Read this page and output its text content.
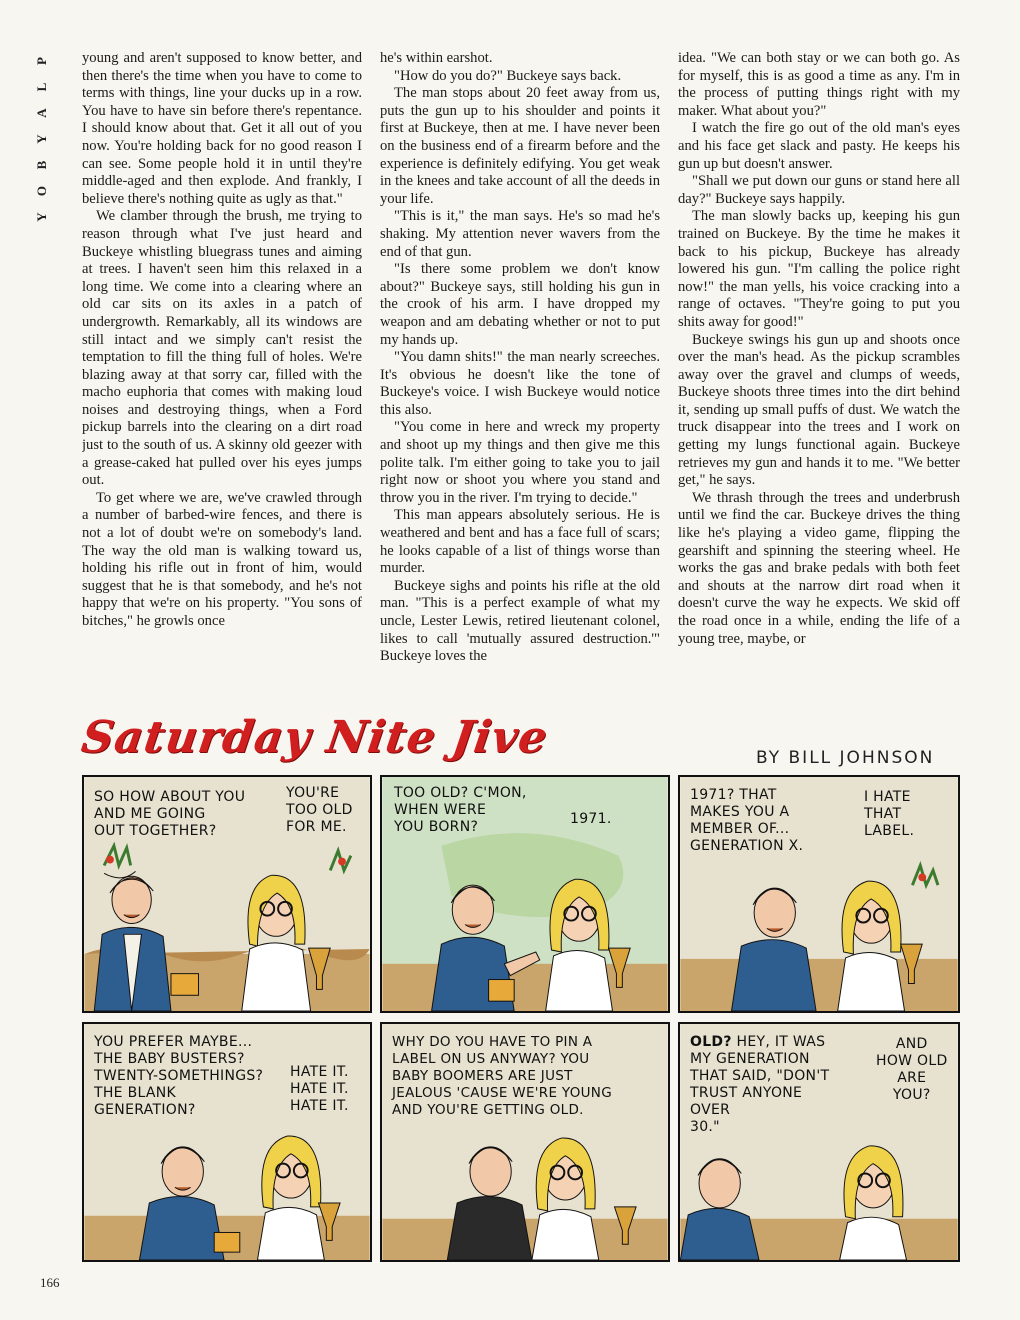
P
L
A
Y
B
O
Y

young and aren't supposed to know better, and then there's the time when you have to come to terms with things, line your ducks up in a row. You have to have sin before there's repentance. I should know about that. Get it all out of you now. You're holding back for no good reason I can see. Some people hold it in until they're middle-aged and then explode. And frankly, I believe there's nothing quite as ugly as that."

We clamber through the brush, me trying to reason through what I've just heard and Buckeye whistling bluegrass tunes and aiming at trees. I haven't seen him this relaxed in a long time. We come into a clearing where an old car sits on its axles in a patch of undergrowth. Remarkably, all its windows are still intact and we simply can't resist the temptation to fill the thing full of holes. We're blazing away at that sorry car, filled with the macho euphoria that comes with making loud noises and destroying things, when a Ford pickup barrels into the clearing on a dirt road just to the south of us. A skinny old geezer with a grease-caked hat pulled over his eyes jumps out.

To get where we are, we've crawled through a number of barbed-wire fences, and there is not a lot of doubt we're on somebody's land. The way the old man is walking toward us, holding his rifle out in front of him, would suggest that he is that somebody, and he's not happy that we're on his property. "You sons of bitches," he growls once

he's within earshot.

"How do you do?" Buckeye says back.

The man stops about 20 feet away from us, puts the gun up to his shoulder and points it first at Buckeye, then at me. I have never been on the business end of a firearm before and the experience is definitely edifying. You get weak in the knees and take account of all the deeds in your life.

"This is it," the man says. He's so mad he's shaking. My attention never wavers from the end of that gun.

"Is there some problem we don't know about?" Buckeye says, still holding his gun in the crook of his arm. I have dropped my weapon and am debating whether or not to put my hands up.

"You damn shits!" the man nearly screeches. It's obvious he doesn't like the tone of Buckeye's voice. I wish Buckeye would notice this also.

"You come in here and wreck my property and shoot up my things and then give me this polite talk. I'm either going to take you to jail right now or shoot you where you stand and throw you in the river. I'm trying to decide."

This man appears absolutely serious. He is weathered and bent and has a face full of scars; he looks capable of a list of things worse than murder.

Buckeye sighs and points his rifle at the old man. "This is a perfect example of what my uncle, Lester Lewis, retired lieutenant colonel, likes to call 'mutually assured destruction.'" Buckeye loves the

idea. "We can both stay or we can both go. As for myself, this is as good a time as any. I'm in the process of putting things right with my maker. What about you?"

I watch the fire go out of the old man's eyes and his face get slack and pasty. He keeps his gun up but doesn't answer.

"Shall we put down our guns or stand here all day?" Buckeye says happily.

The man slowly backs up, keeping his gun trained on Buckeye. By the time he makes it back to his pickup, Buckeye has already lowered his gun. "I'm calling the police right now!" the man yells, his voice cracking into a range of octaves. "They're going to put you shits away for good!"

Buckeye swings his gun up and shoots once over the man's head. As the pickup scrambles away over the gravel and clumps of weeds, Buckeye shoots three times into the dirt behind it, sending up small puffs of dust. We watch the truck disappear into the trees and I work on getting my lungs functional again. Buckeye retrieves my gun and hands it to me. "We better get," he says.

We thrash through the trees and underbrush until we find the car. Buckeye drives the thing like he's playing a video game, flipping the gearshift and spinning the steering wheel. He works the gas and brake pedals with both feet and shouts at the narrow dirt road when it doesn't curve the way he expects. We skid off the road once in a while, ending the life of a young tree, maybe, or

Saturday Nite Jive	BY BILL JOHNSON
SO HOW ABOUT YOU
AND ME GOING
OUT TOGETHER?
YOU'RE
TOO OLD
FOR ME.
TOO OLD? C'MON,
WHEN WERE
YOU BORN?	1971.
1971? THAT
MAKES YOU A
MEMBER OF...
GENERATION X.
I HATE
THAT
LABEL.
YOU PREFER MAYBE...
THE BABY BUSTERS?
TWENTY-SOMETHINGS?
THE BLANK
GENERATION?
HATE IT.
HATE IT.
HATE IT.
WHY DO YOU HAVE TO PIN A
LABEL ON US ANYWAY? YOU
BABY BOOMERS ARE JUST
JEALOUS 'CAUSE WE'RE YOUNG
AND YOU'RE GETTING OLD.
OLD? HEY, IT WAS
MY GENERATION
THAT SAID, "DON'T
TRUST ANYONE
OVER
30."
AND
HOW OLD
ARE
YOU?
166
